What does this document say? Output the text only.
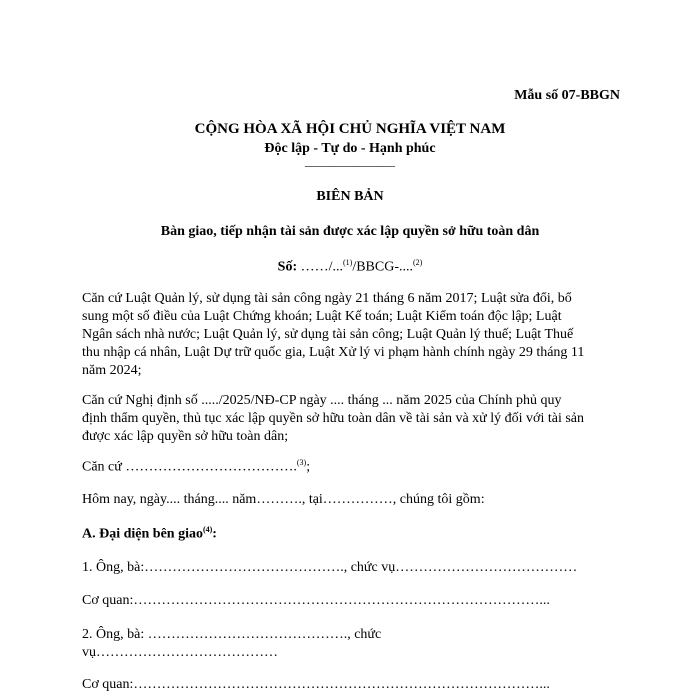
Mẫu số 07-BBGN
CỘNG HÒA XÃ HỘI CHỦ NGHĨA VIỆT NAM
Độc lập - Tự do - Hạnh phúc
_______________
BIÊN BẢN
Bàn giao, tiếp nhận tài sản được xác lập quyền sở hữu toàn dân
Số: ……/...$^{(1)}$/BBCG-....$^{(2)}$
Căn cứ Luật Quản lý, sử dụng tài sản công ngày 21 tháng 6 năm 2017; Luật sửa đổi, bổ
sung một số điều của Luật Chứng khoán; Luật Kế toán; Luật Kiểm toán độc lập; Luật
Ngân sách nhà nước; Luật Quản lý, sử dụng tài sản công; Luật Quản lý thuế; Luật Thuế
thu nhập cá nhân, Luật Dự trữ quốc gia, Luật Xử lý vi phạm hành chính ngày 29 tháng 11
năm 2024;
Căn cứ Nghị định số ...../2025/NĐ-CP ngày .... tháng ... năm 2025 của Chính phủ quy
định thẩm quyền, thủ tục xác lập quyền sở hữu toàn dân về tài sản và xử lý đối với tài sản
được xác lập quyền sở hữu toàn dân;
Căn cứ ……………………………….$^{(3)}$;
Hôm nay, ngày.... tháng.... năm………., tại……………, chúng tôi gồm:
A. Đại diện bên giao$^{(4)}$:
1. Ông, bà:……………………………………., chức vụ…………………………………
Cơ quan:……………………………………………………………………………...
2. Ông, bà: ……………………………………., chức
vụ…………………………………
Cơ quan:……………………………………………………………………………...
